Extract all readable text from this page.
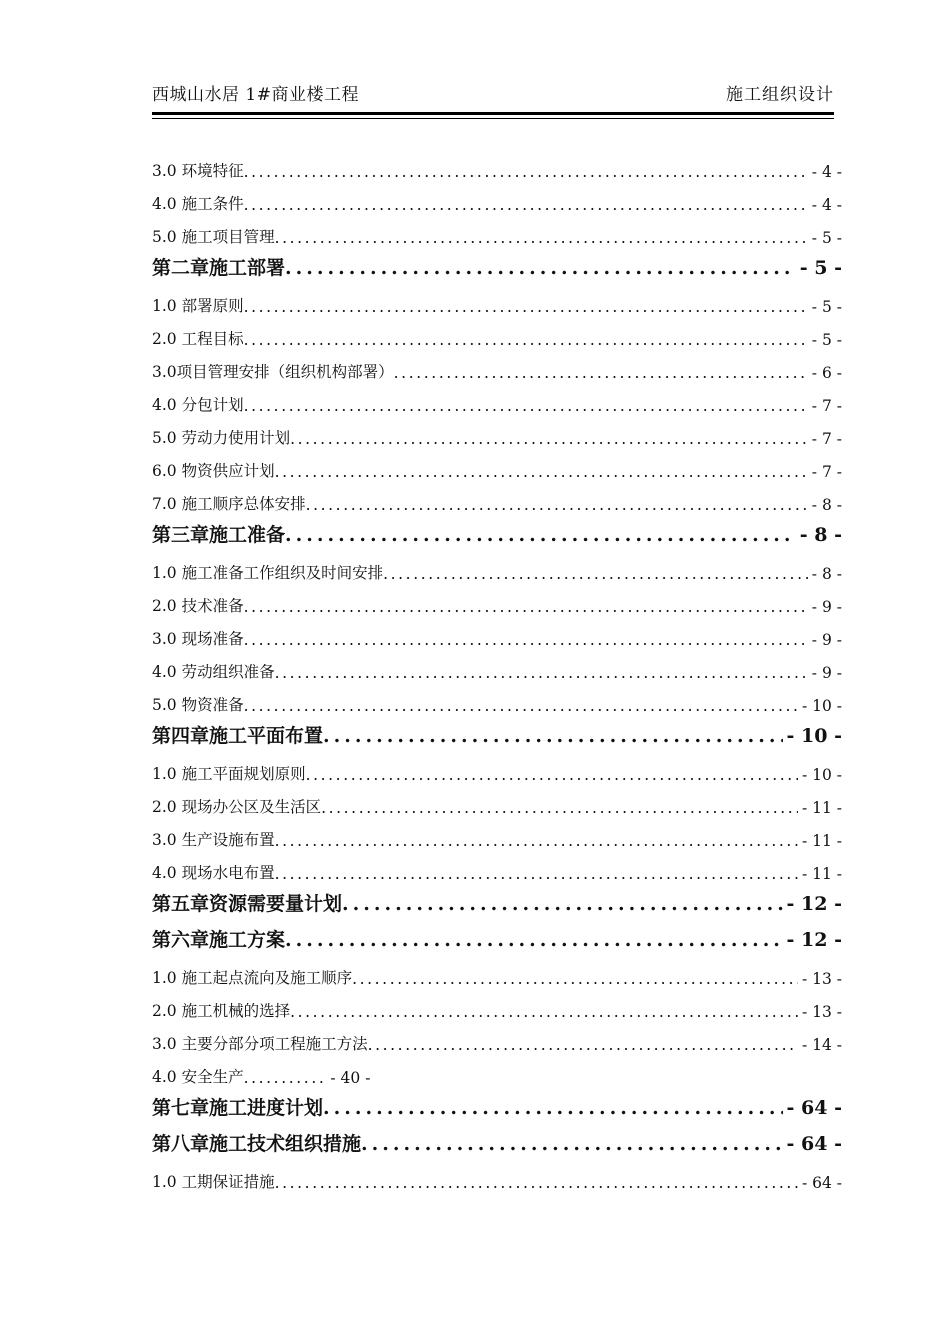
西城山水居 1#商业楼工程	施工组织设计
3.0 环境特征 .....	- 4 -
4.0 施工条件 .....	- 4 -
5.0 施工项目管理 .....	- 5 -
第二章 施工部署 .....	- 5 -
1.0 部署原则 .....	- 5 -
2.0 工程目标 .....	- 5 -
3.0项目管理安排（组织机构部署） .....	- 6 -
4.0 分包计划 .....	- 7 -
5.0 劳动力使用计划 .....	- 7 -
6.0 物资供应计划 .....	- 7 -
7.0 施工顺序总体安排 .....	- 8 -
第三章 施工准备 .....	- 8 -
1.0 施工准备工作组织及时间安排 .....	- 8 -
2.0 技术准备 .....	- 9 -
3.0 现场准备 .....	- 9 -
4.0 劳动组织准备 .....	- 9 -
5.0 物资准备 .....	- 10 -
第四章 施工平面布置 .....	- 10 -
1.0 施工平面规划原则 .....	- 10 -
2.0 现场办公区及生活区 .....	- 11 -
3.0 生产设施布置 .....	- 11 -
4.0 现场水电布置 .....	- 11 -
第五章 资源需要量计划 .....	- 12 -
第六章 施工方案 .....	- 12 -
1.0 施工起点流向及施工顺序 .....	- 13 -
2.0 施工机械的选择 .....	- 13 -
3.0 主要分部分项工程施工方法 .....	- 14 -
4.0 安全生产 .....	- 40 -
第七章 施工进度计划 .....	- 64 -
第八章 施工技术组织措施 .....	- 64 -
1.0 工期保证措施 .....	- 64 -
